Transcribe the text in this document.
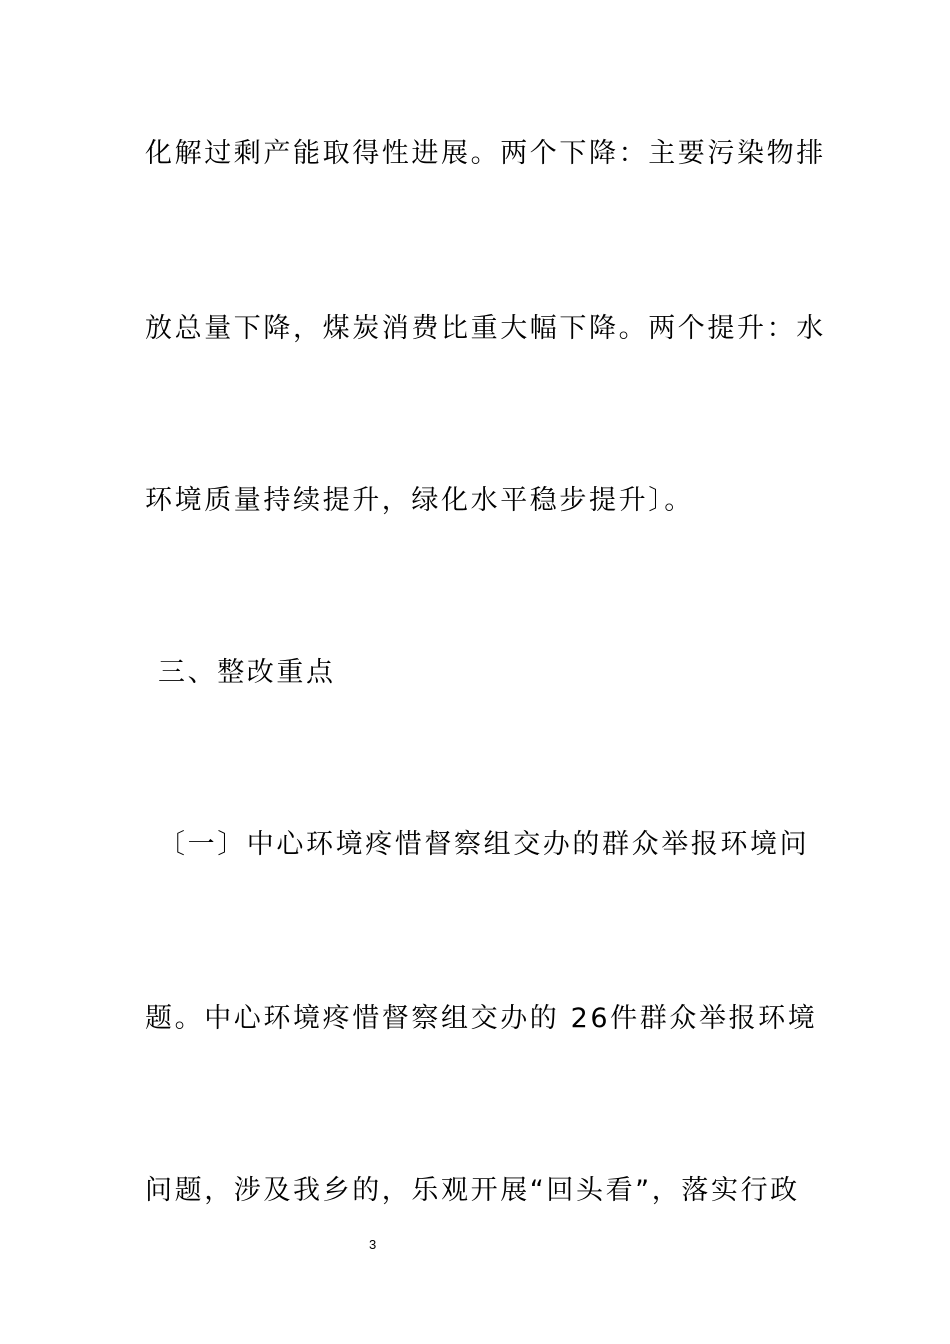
化解过剩产能取得性进展。两个下降：主要污染物排
放总量下降，煤炭消费比重大幅下降。两个提升：水
环境质量持续提升，绿化水平稳步提升〕。
三、整改重点
〔一〕中心环境疼惜督察组交办的群众举报环境问
题。中心环境疼惜督察组交办的 26件群众举报环境
问题，涉及我乡的，乐观开展“回头看”，落实行政
3
